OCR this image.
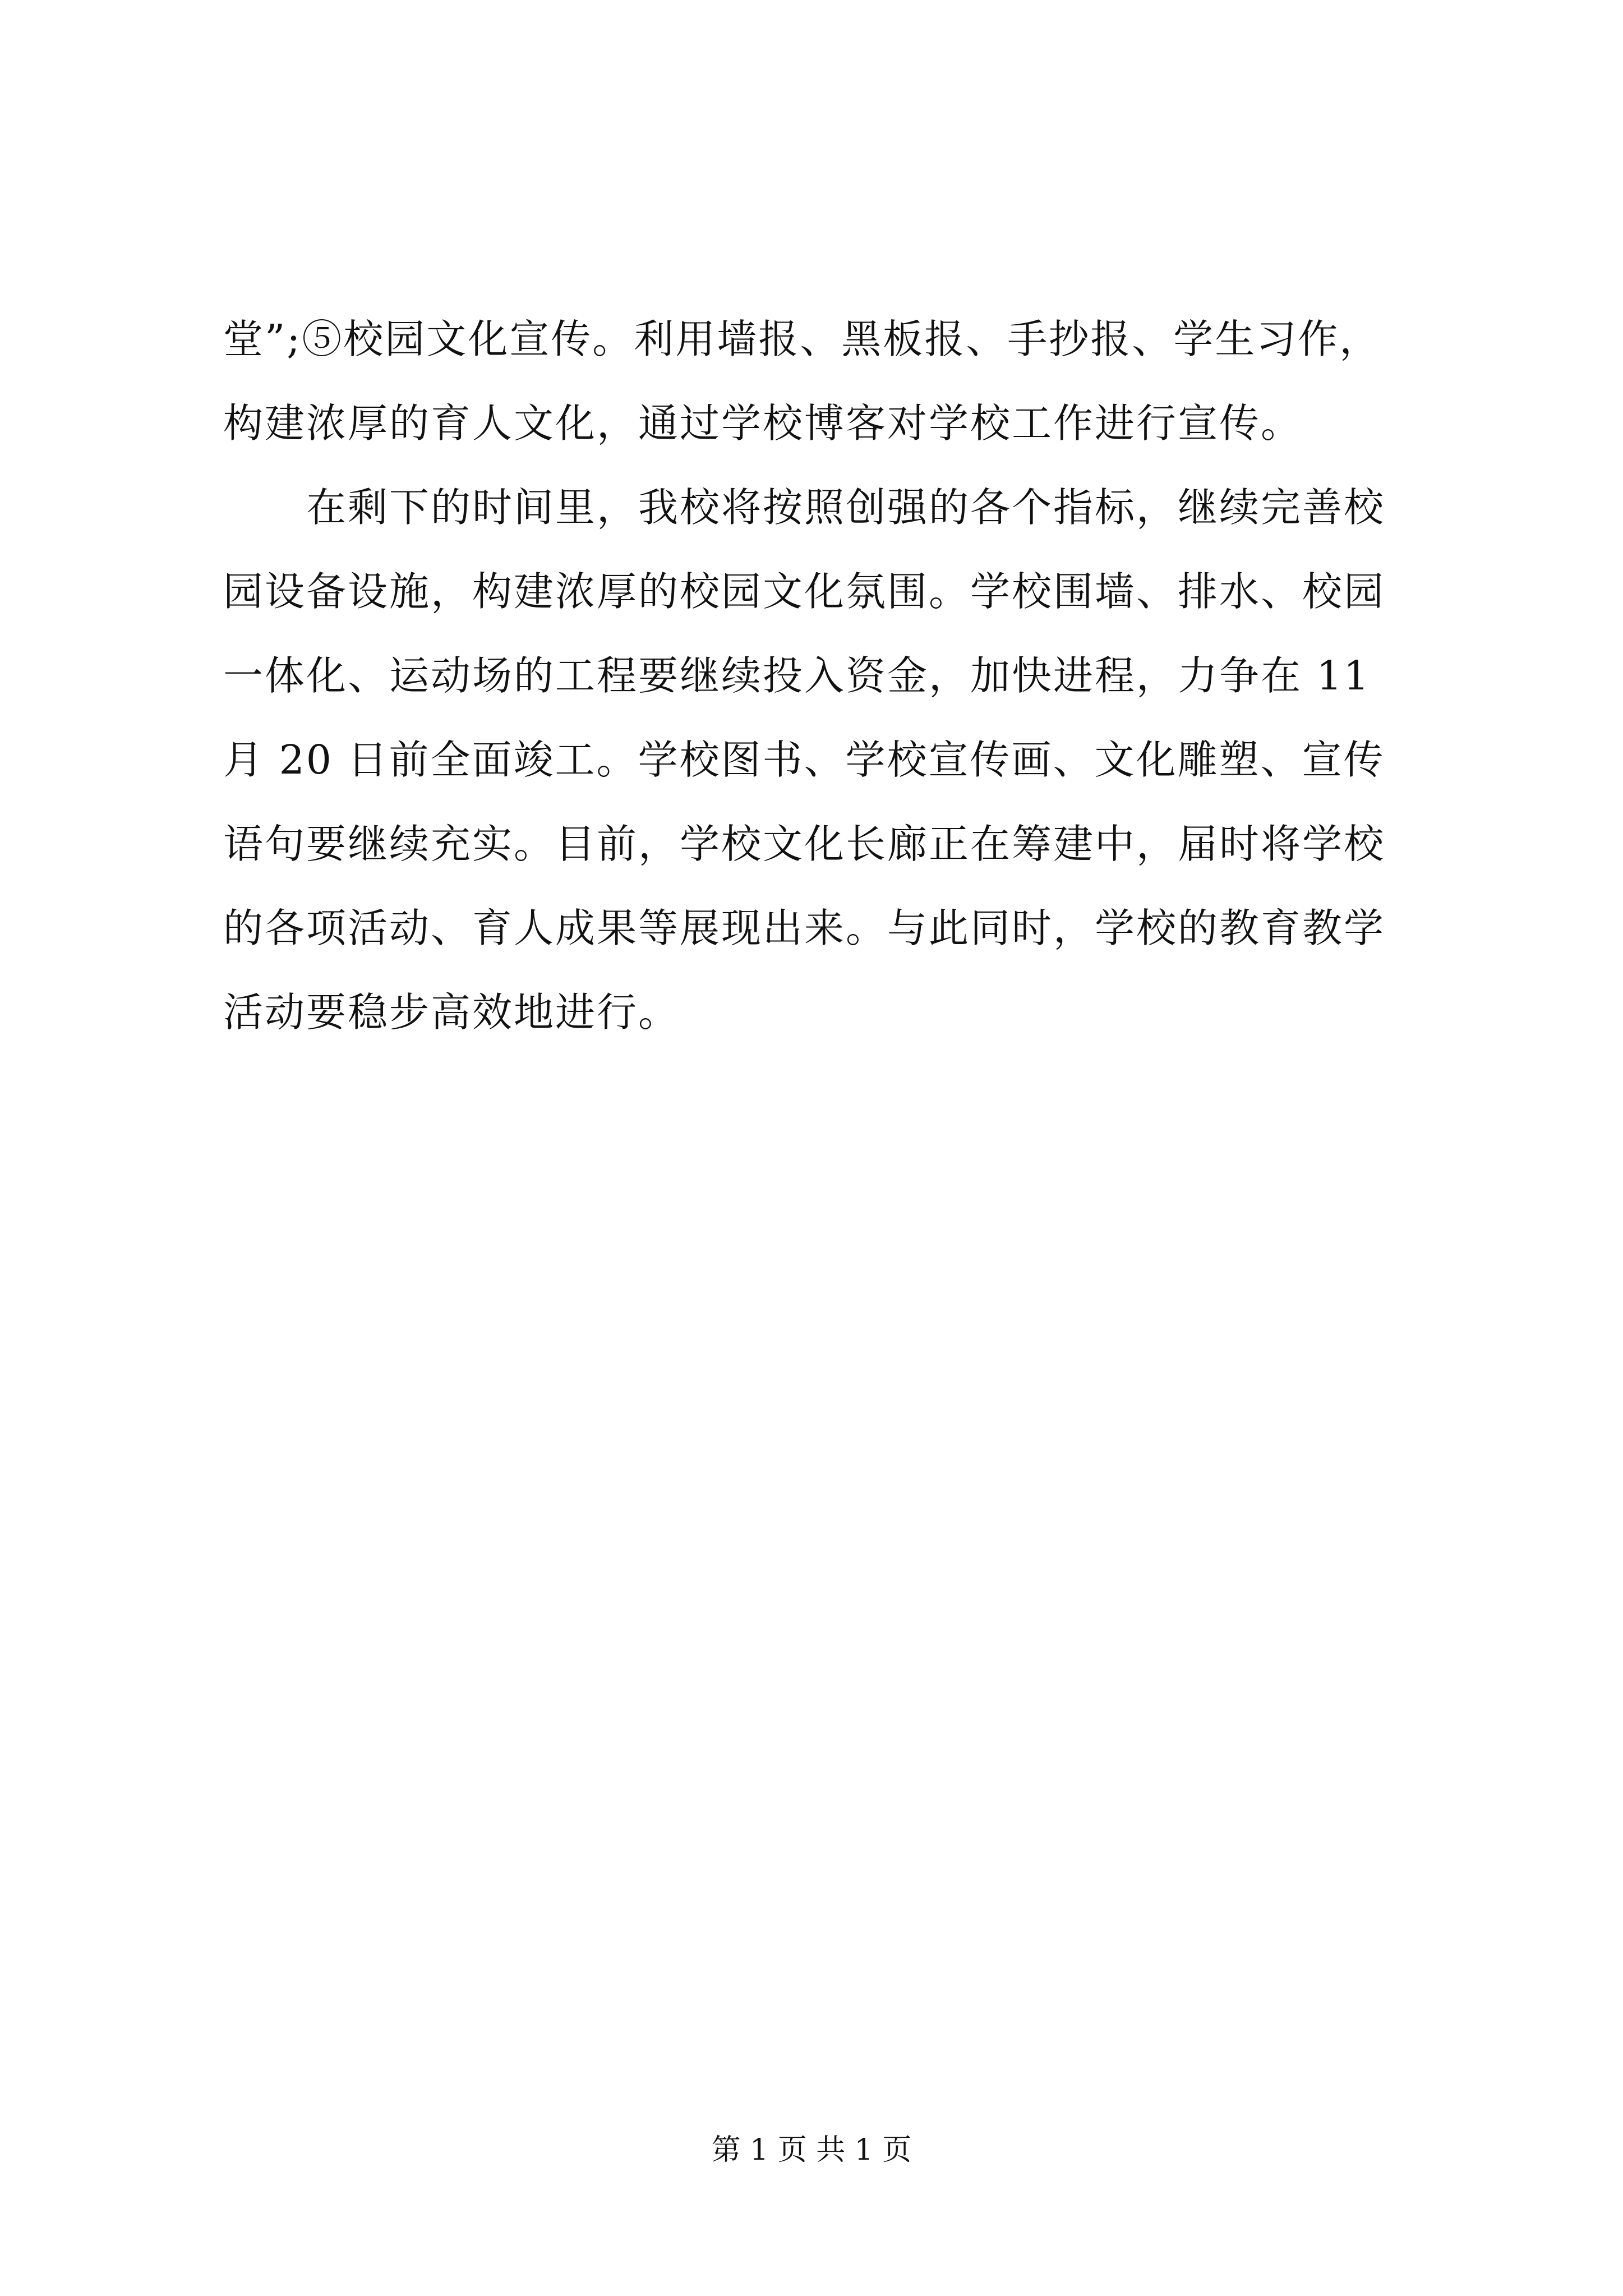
堂”;⑤校园文化宣传。利用墙报、黑板报、手抄报、学生习作，
构建浓厚的育人文化，通过学校博客对学校工作进行宣传。
　　在剩下的时间里，我校将按照创强的各个指标，继续完善校
园设备设施，构建浓厚的校园文化氛围。学校围墙、排水、校园
一体化、运动场的工程要继续投入资金，加快进程，力争在 11
月 20 日前全面竣工。学校图书、学校宣传画、文化雕塑、宣传
语句要继续充实。目前，学校文化长廊正在筹建中，届时将学校
的各项活动、育人成果等展现出来。与此同时，学校的教育教学
活动要稳步高效地进行。
第 1 页 共 1 页
